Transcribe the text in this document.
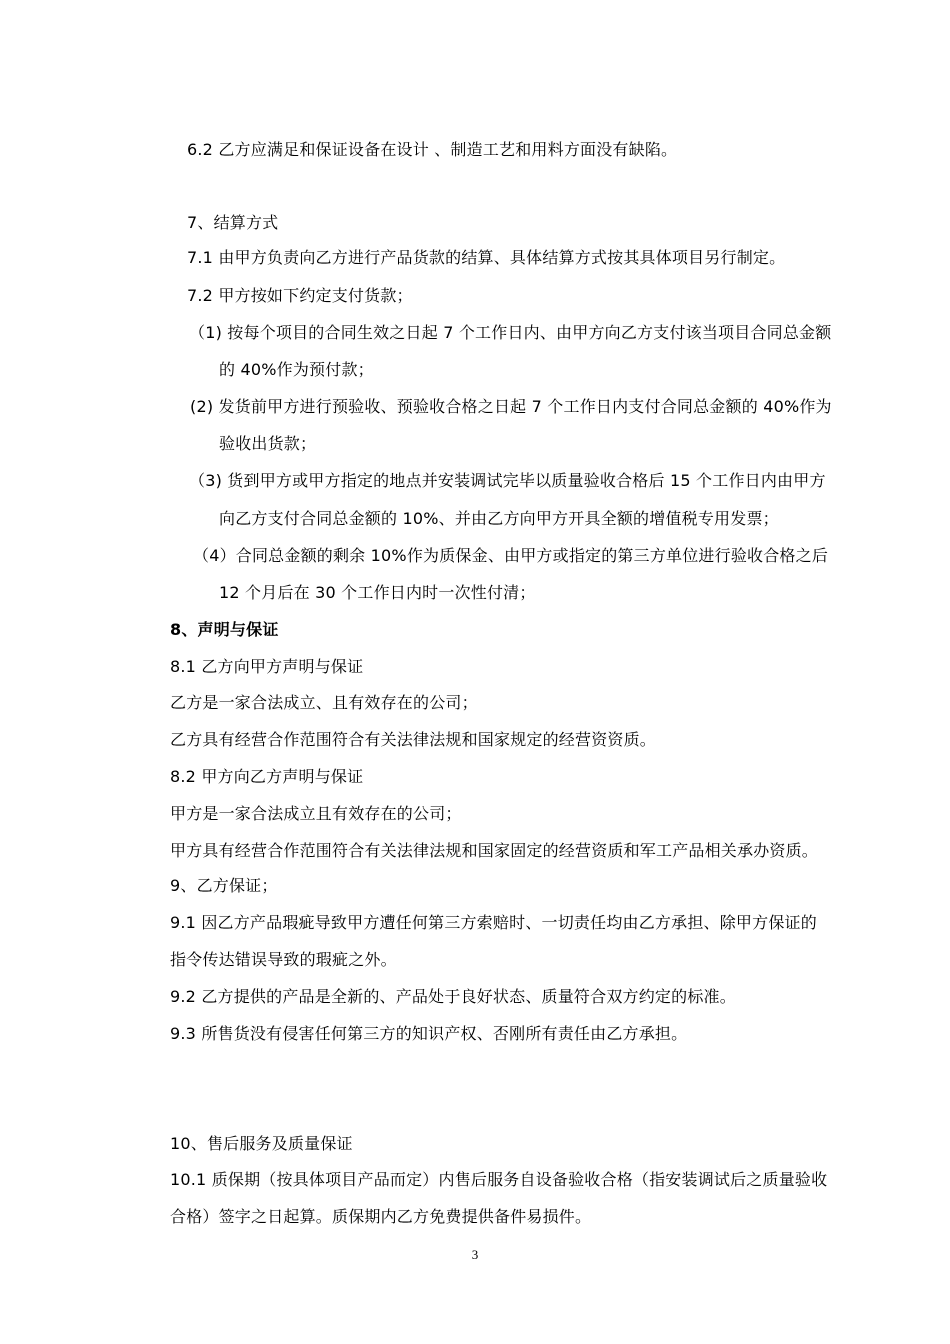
6.2 乙方应满足和保证设备在设计 、制造工艺和用料方面没有缺陷。
7、结算方式
7.1 由甲方负责向乙方进行产品货款的结算、具体结算方式按其具体项目另行制定。
7.2 甲方按如下约定支付货款；
（1) 按每个项目的合同生效之日起 7 个工作日内、由甲方向乙方支付该当项目合同总金额
的 40%作为预付款；
(2) 发货前甲方进行预验收、预验收合格之日起 7 个工作日内支付合同总金额的 40%作为
验收出货款；
（3) 货到甲方或甲方指定的地点并安装调试完毕以质量验收合格后 15 个工作日内由甲方
向乙方支付合同总金额的 10%、并由乙方向甲方开具全额的增值税专用发票；
（4）合同总金额的剩余 10%作为质保金、由甲方或指定的第三方单位进行验收合格之后
12 个月后在 30 个工作日内时一次性付清；
8、声明与保证
8.1 乙方向甲方声明与保证
乙方是一家合法成立、且有效存在的公司；
乙方具有经营合作范围符合有关法律法规和国家规定的经营资资质。
8.2 甲方向乙方声明与保证
甲方是一家合法成立且有效存在的公司；
甲方具有经营合作范围符合有关法律法规和国家固定的经营资质和军工产品相关承办资质。
9、乙方保证；
9.1 因乙方产品瑕疵导致甲方遭任何第三方索赔时、一切责任均由乙方承担、除甲方保证的
指令传达错误导致的瑕疵之外。
9.2 乙方提供的产品是全新的、产品处于良好状态、质量符合双方约定的标准。
9.3 所售货没有侵害任何第三方的知识产权、否刚所有责任由乙方承担。
10、售后服务及质量保证
10.1 质保期（按具体项目产品而定）内售后服务自设备验收合格（指安装调试后之质量验收
合格）签字之日起算。质保期内乙方免费提供备件易损件。
3
